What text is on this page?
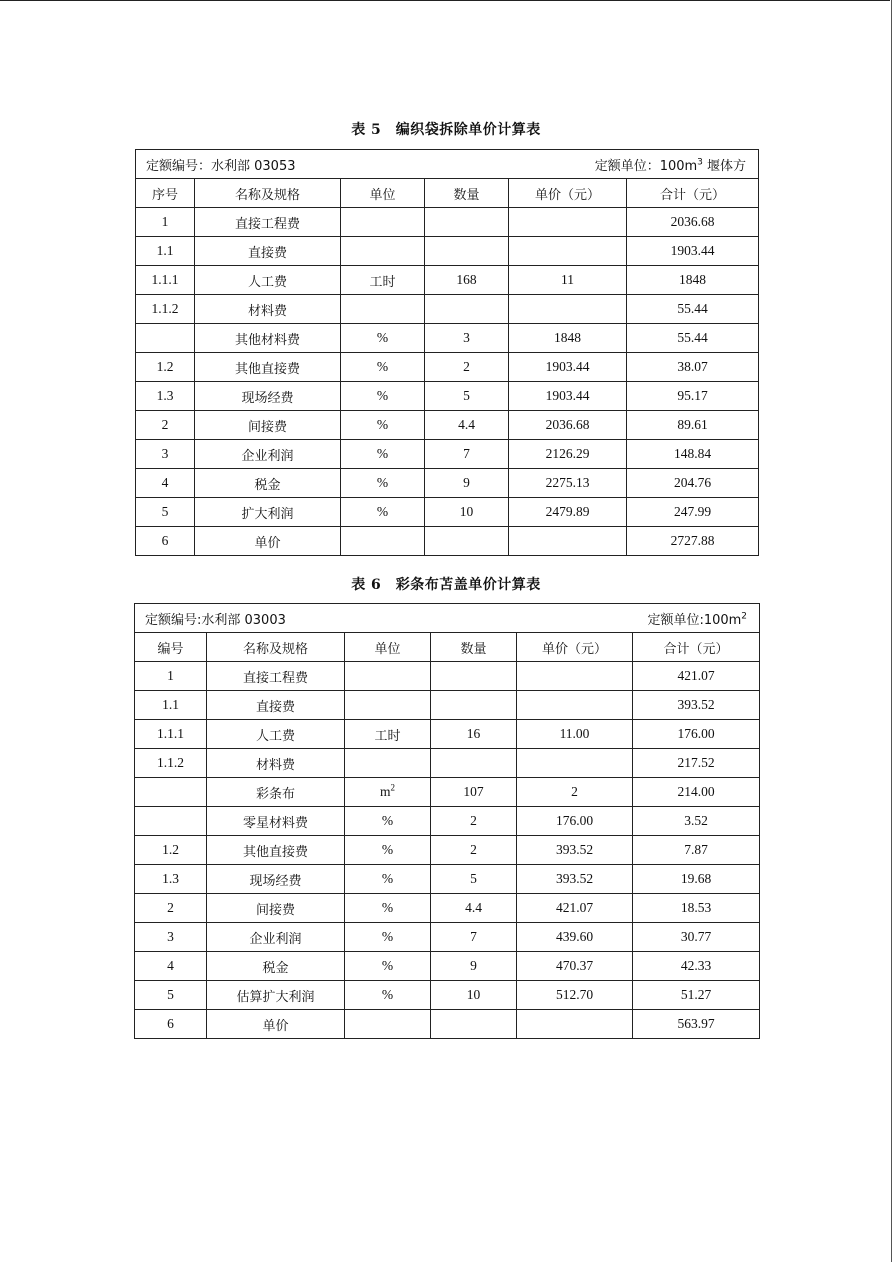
表 5　编织袋拆除单价计算表
定额编号：水利部 03053 定额单位：$100m^3$ 堰体方					

序号	名称及规格	单位	数量	单价（元）	合计（元）
1	直接工程费				2036.68
1.1	直接费				1903.44
1.1.1	人工费	工时	168	11	1848
1.1.2	材料费				55.44
	其他材料费	%	3	1848	55.44
1.2	其他直接费	%	2	1903.44	38.07
1.3	现场经费	%	5	1903.44	95.17
2	间接费	%	4.4	2036.68	89.61
3	企业利润	%	7	2126.29	148.84
4	税金	%	9	2275.13	204.76
5	扩大利润	%	10	2479.89	247.99
6	单价				2727.88
表 6　彩条布苫盖单价计算表
定额编号:水利部 03003 定额单位$:100m^2$

编号	名称及规格	单位	数量	单价（元）	合计（元）
1	直接工程费				421.07
1.1	直接费				393.52
1.1.1	人工费	工时	16	11.00	176.00
1.1.2	材料费				217.52
	彩条布	$m^2$	107	2	214.00
	零星材料费	%	2	176.00	3.52
1.2	其他直接费	%	2	393.52	7.87
1.3	现场经费	%	5	393.52	19.68
2	间接费	%	4.4	421.07	18.53
3	企业利润	%	7	439.60	30.77
4	税金	%	9	470.37	42.33
5	估算扩大利润	%	10	512.70	51.27
6	单价				563.97
